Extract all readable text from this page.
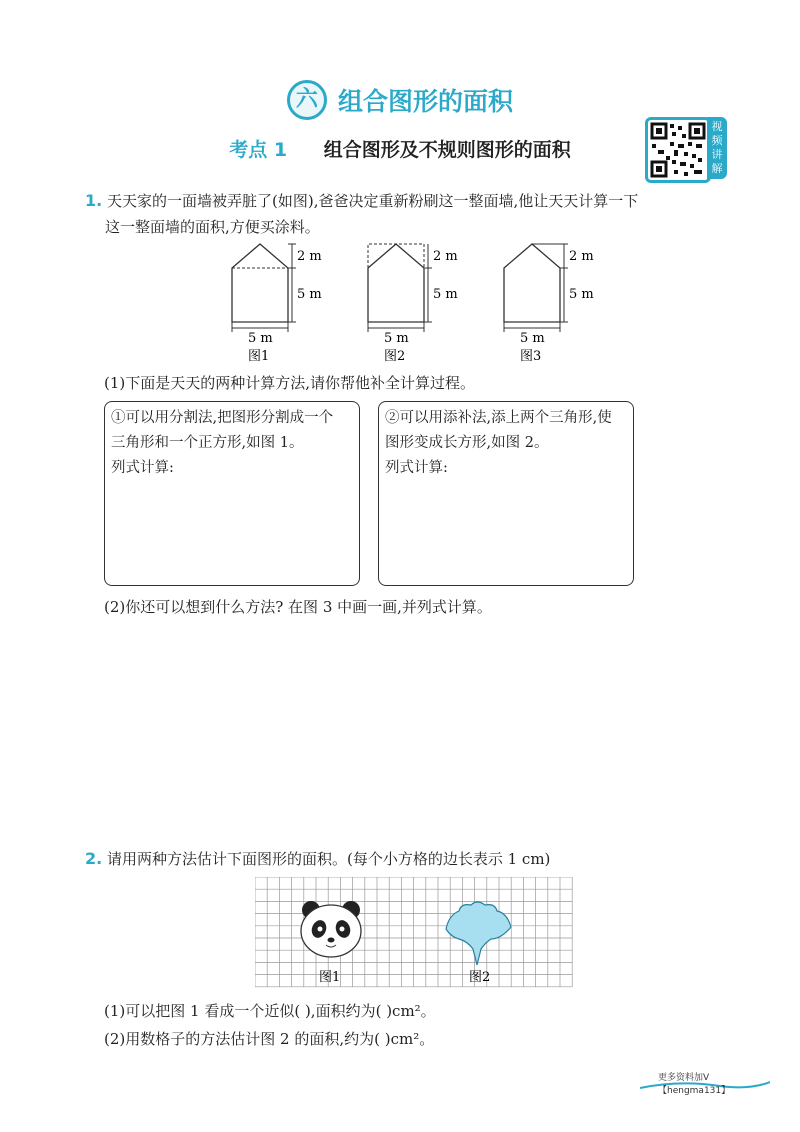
六 组合图形的面积
考点 1 组合图形及不规则图形的面积
视频讲解
1. 天天家的一面墙被弄脏了(如图),爸爸决定重新粉刷这一整面墙,他让天天计算一下
这一整面墙的面积,方便买涂料。
2 m
5 m
5 m
图1
2 m
5 m
5 m
图2
2 m
5 m
5 m
图3
(1)下面是天天的两种计算方法,请你帮他补全计算过程。
①可以用分割法,把图形分割成一个
三角形和一个正方形,如图 1。
列式计算:
②可以用添补法,添上两个三角形,使
图形变成长方形,如图 2。
列式计算:
(2)你还可以想到什么方法? 在图 3 中画一画,并列式计算。
2. 请用两种方法估计下面图形的面积。(每个小方格的边长表示 1 cm)
图1	图2
(1)可以把图 1 看成一个近似( ),面积约为( )cm²。
(2)用数格子的方法估计图 2 的面积,约为( )cm²。
更多资料加V【hengma131】
